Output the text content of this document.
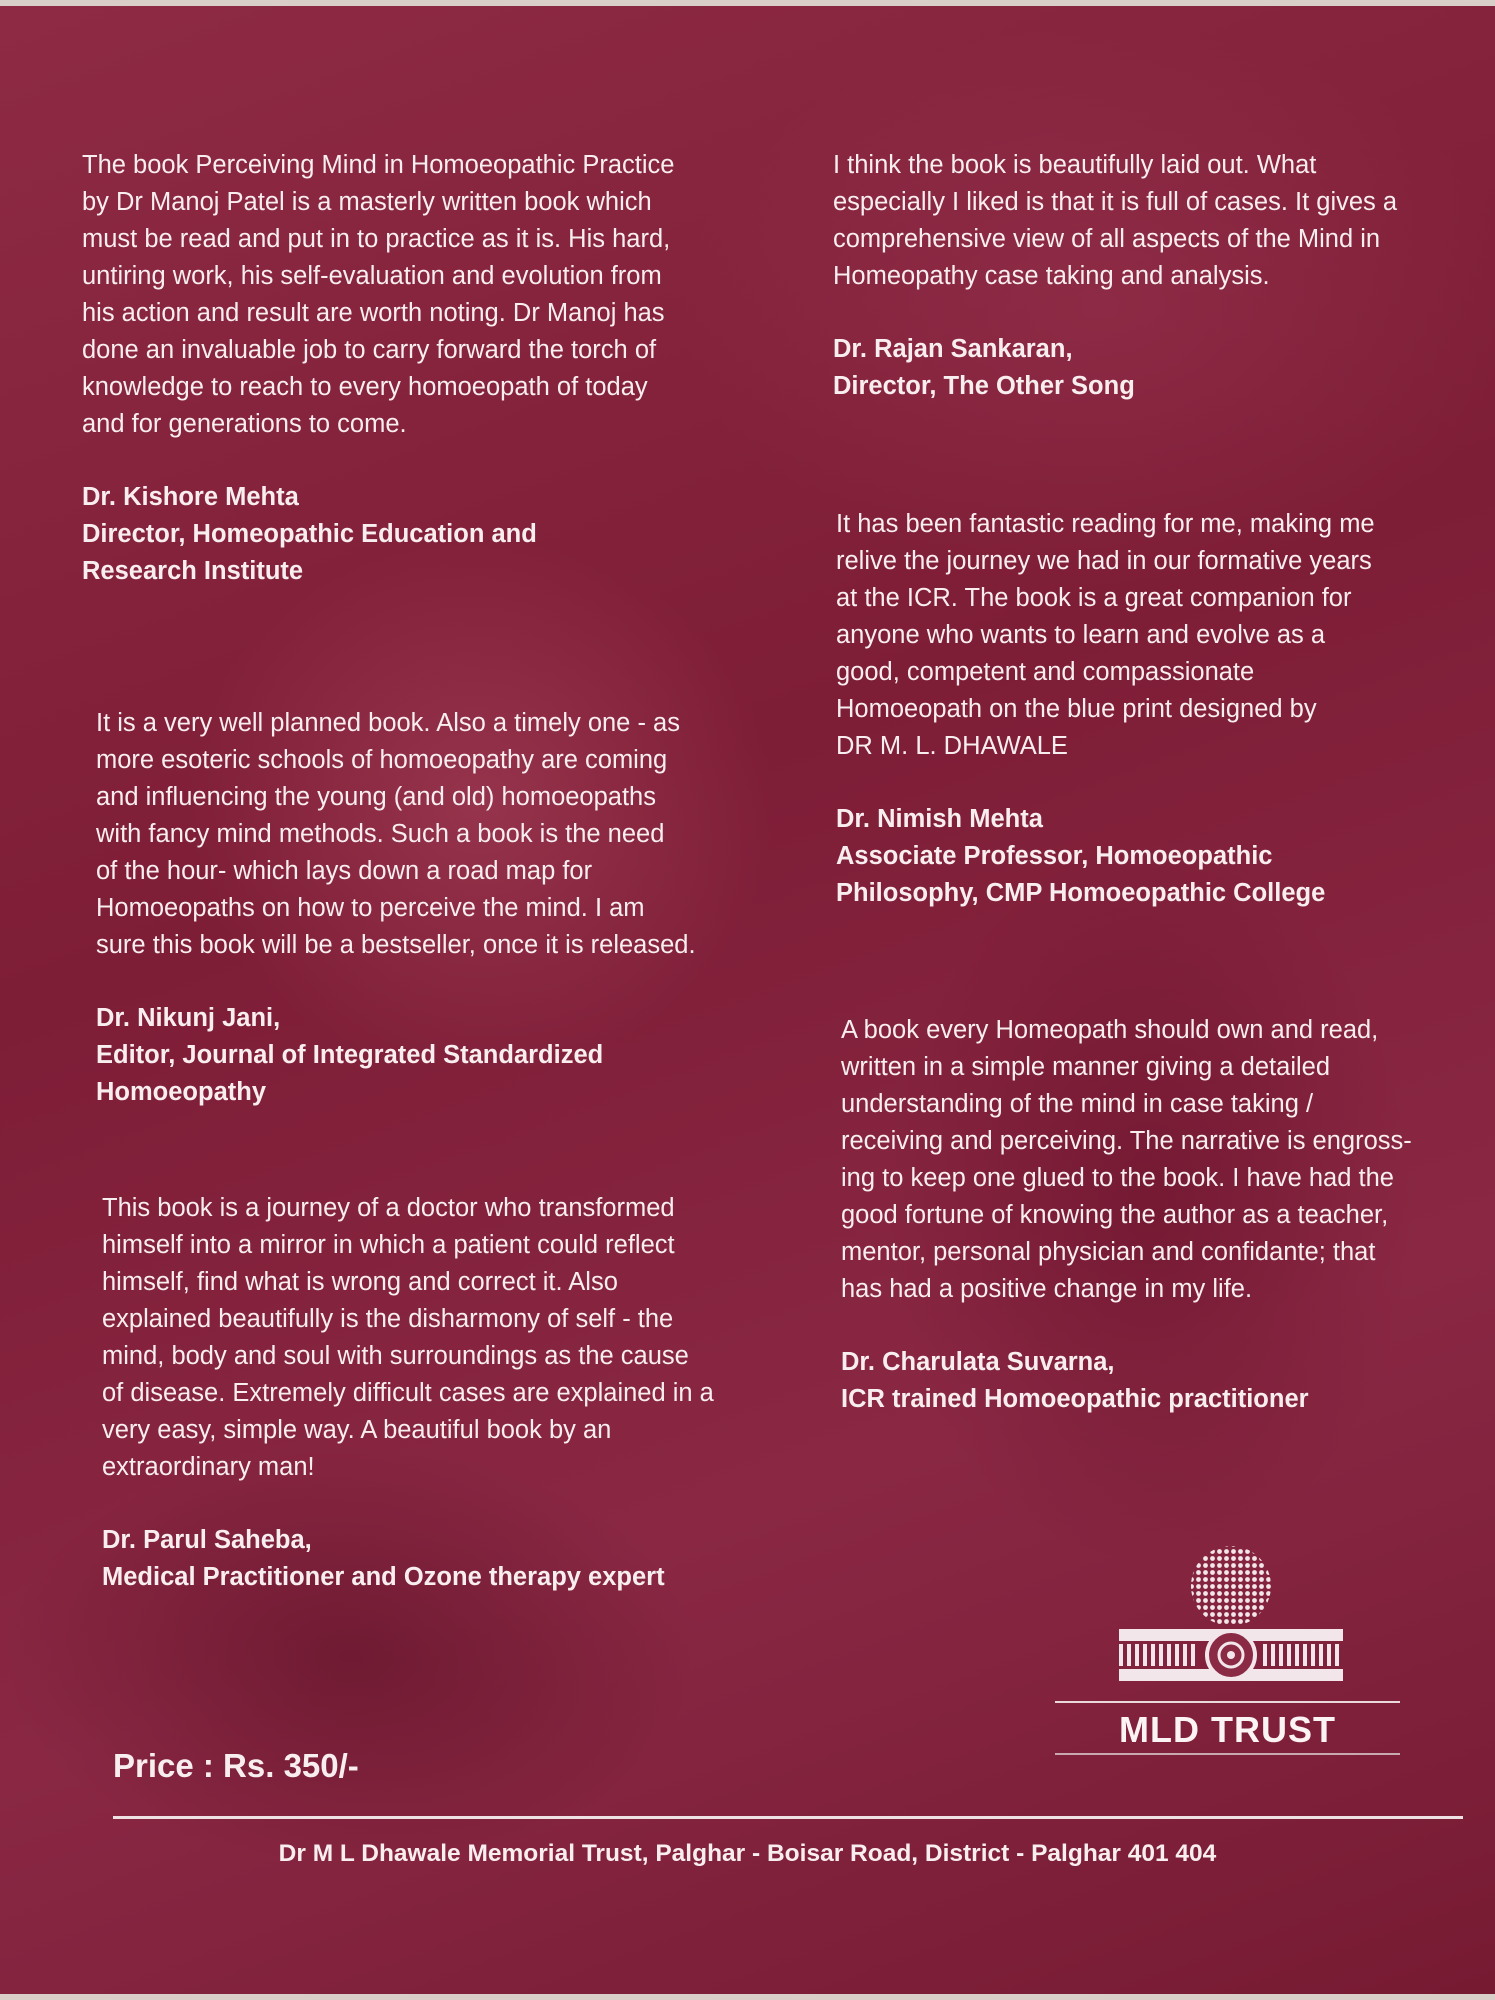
The book Perceiving Mind in Homoeopathic Practice
by Dr Manoj Patel is a masterly written book which
must be read and put in to practice as it is. His hard,
untiring work, his self-evaluation and evolution from
his action and result are worth noting. Dr Manoj has
done an invaluable job to carry forward the torch of
knowledge to reach to every homoeopath of today
and for generations to come.
Dr. Kishore Mehta
Director, Homeopathic Education and
Research Institute
It is a very well planned book. Also a timely one - as
more esoteric schools of homoeopathy are coming
and influencing the young (and old) homoeopaths
with fancy mind methods. Such a book is the need
of the hour- which lays down a road map for
Homoeopaths on how to perceive the mind. I am
sure this book will be a bestseller, once it is released.
Dr. Nikunj Jani,
Editor, Journal of Integrated Standardized
Homoeopathy
This book is a journey of a doctor who transformed
himself into a mirror in which a patient could reflect
himself, find what is wrong and correct it. Also
explained beautifully is the disharmony of self - the
mind, body and soul with surroundings as the cause
of disease. Extremely difficult cases are explained in a
very easy, simple way. A beautiful book by an
extraordinary man!
Dr. Parul Saheba,
Medical Practitioner and Ozone therapy expert
I think the book is beautifully laid out. What
especially I liked is that it is full of cases. It gives a
comprehensive view of all aspects of the Mind in
Homeopathy case taking and analysis.
Dr. Rajan Sankaran,
Director, The Other Song
It has been fantastic reading for me, making me
relive the journey we had in our formative years
at the ICR. The book is a great companion for
anyone who wants to learn and evolve as a
good, competent and compassionate
Homoeopath on the blue print designed by
DR M. L. DHAWALE
Dr. Nimish Mehta
Associate Professor, Homoeopathic
Philosophy, CMP Homoeopathic College
A book every Homeopath should own and read,
written in a simple manner giving a detailed
understanding of the mind in case taking /
receiving and perceiving. The narrative is engross-
ing to keep one glued to the book. I have had the
good fortune of knowing the author as a teacher,
mentor, personal physician and confidante; that
has had a positive change in my life.
Dr. Charulata Suvarna,
ICR trained Homoeopathic practitioner
MLD TRUST
Price : Rs. 350/-
Dr M L Dhawale Memorial Trust, Palghar - Boisar Road, District - Palghar 401 404
